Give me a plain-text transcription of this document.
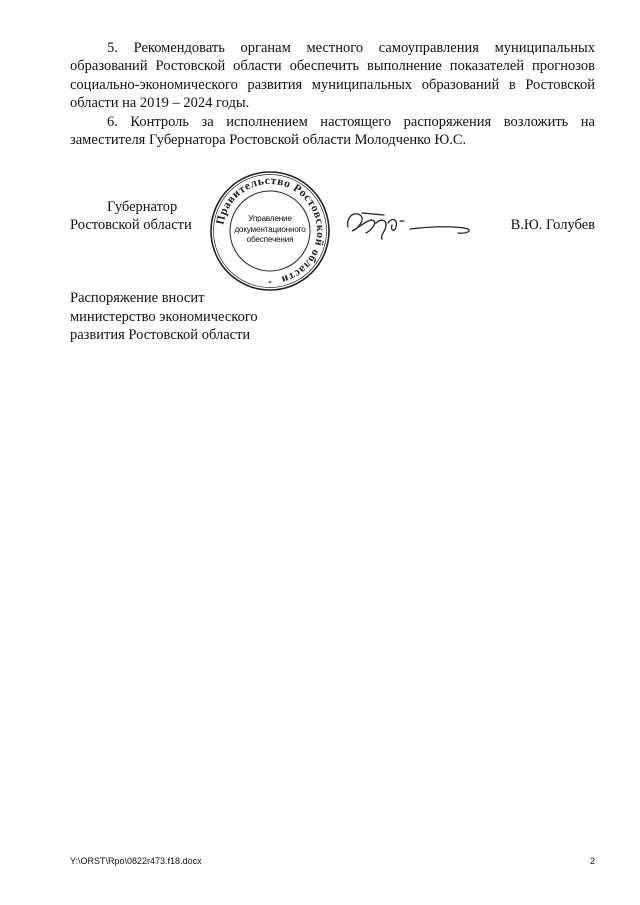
5. Рекомендовать органам местного самоуправления муниципальных образований Ростовской области обеспечить выполнение показателей прогнозов социально-экономического развития муниципальных образований в Ростовской области на 2019 – 2024 годы.

6. Контроль за исполнением настоящего распоряжения возложить на заместителя Губернатора Ростовской области Молодченко Ю.С.

Губернатор
Ростовской области Правительство Ростовской области
*
Управление
документационного
обеспечения
В.Ю. Голубев
Распоряжение вносит
министерство экономического
развития Ростовской области
Y:\ORST\Rpo\0822r473.f18.docx	2
